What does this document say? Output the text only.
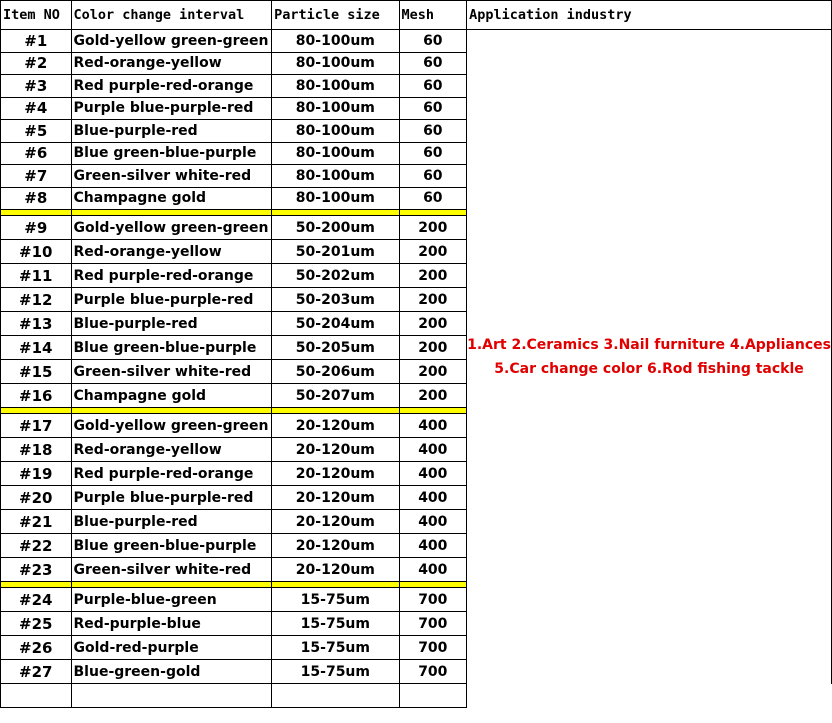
Item NO	Color change interval	Particle size	Mesh	Application industry
#1	Gold-yellow green-green	80-100um	60	1.Art 2.Ceramics 3.Nail furniture 4.Appliances
5.Car change color 6.Rod fishing tackle

#2	Red-orange-yellow	80-100um	60	
#3	Red purple-red-orange	80-100um	60	
#4	Purple blue-purple-red	80-100um	60	
#5	Blue-purple-red	80-100um	60	
#6	Blue green-blue-purple	80-100um	60	
#7	Green-silver white-red	80-100um	60	
#8	Champagne gold	80-100um	60	

#9	Gold-yellow green-green	50-200um	200	
#10	Red-orange-yellow	50-201um	200	
#11	Red purple-red-orange	50-202um	200	
#12	Purple blue-purple-red	50-203um	200	
#13	Blue-purple-red	50-204um	200	
#14	Blue green-blue-purple	50-205um	200	
#15	Green-silver white-red	50-206um	200	
#16	Champagne gold	50-207um	200	

#17	Gold-yellow green-green	20-120um	400	
#18	Red-orange-yellow	20-120um	400	
#19	Red purple-red-orange	20-120um	400	
#20	Purple blue-purple-red	20-120um	400	
#21	Blue-purple-red	20-120um	400	
#22	Blue green-blue-purple	20-120um	400	
#23	Green-silver white-red	20-120um	400	

#24	Purple-blue-green	15-75um	700	
#25	Red-purple-blue	15-75um	700	
#26	Gold-red-purple	15-75um	700	
#27	Blue-green-gold	15-75um	700	
